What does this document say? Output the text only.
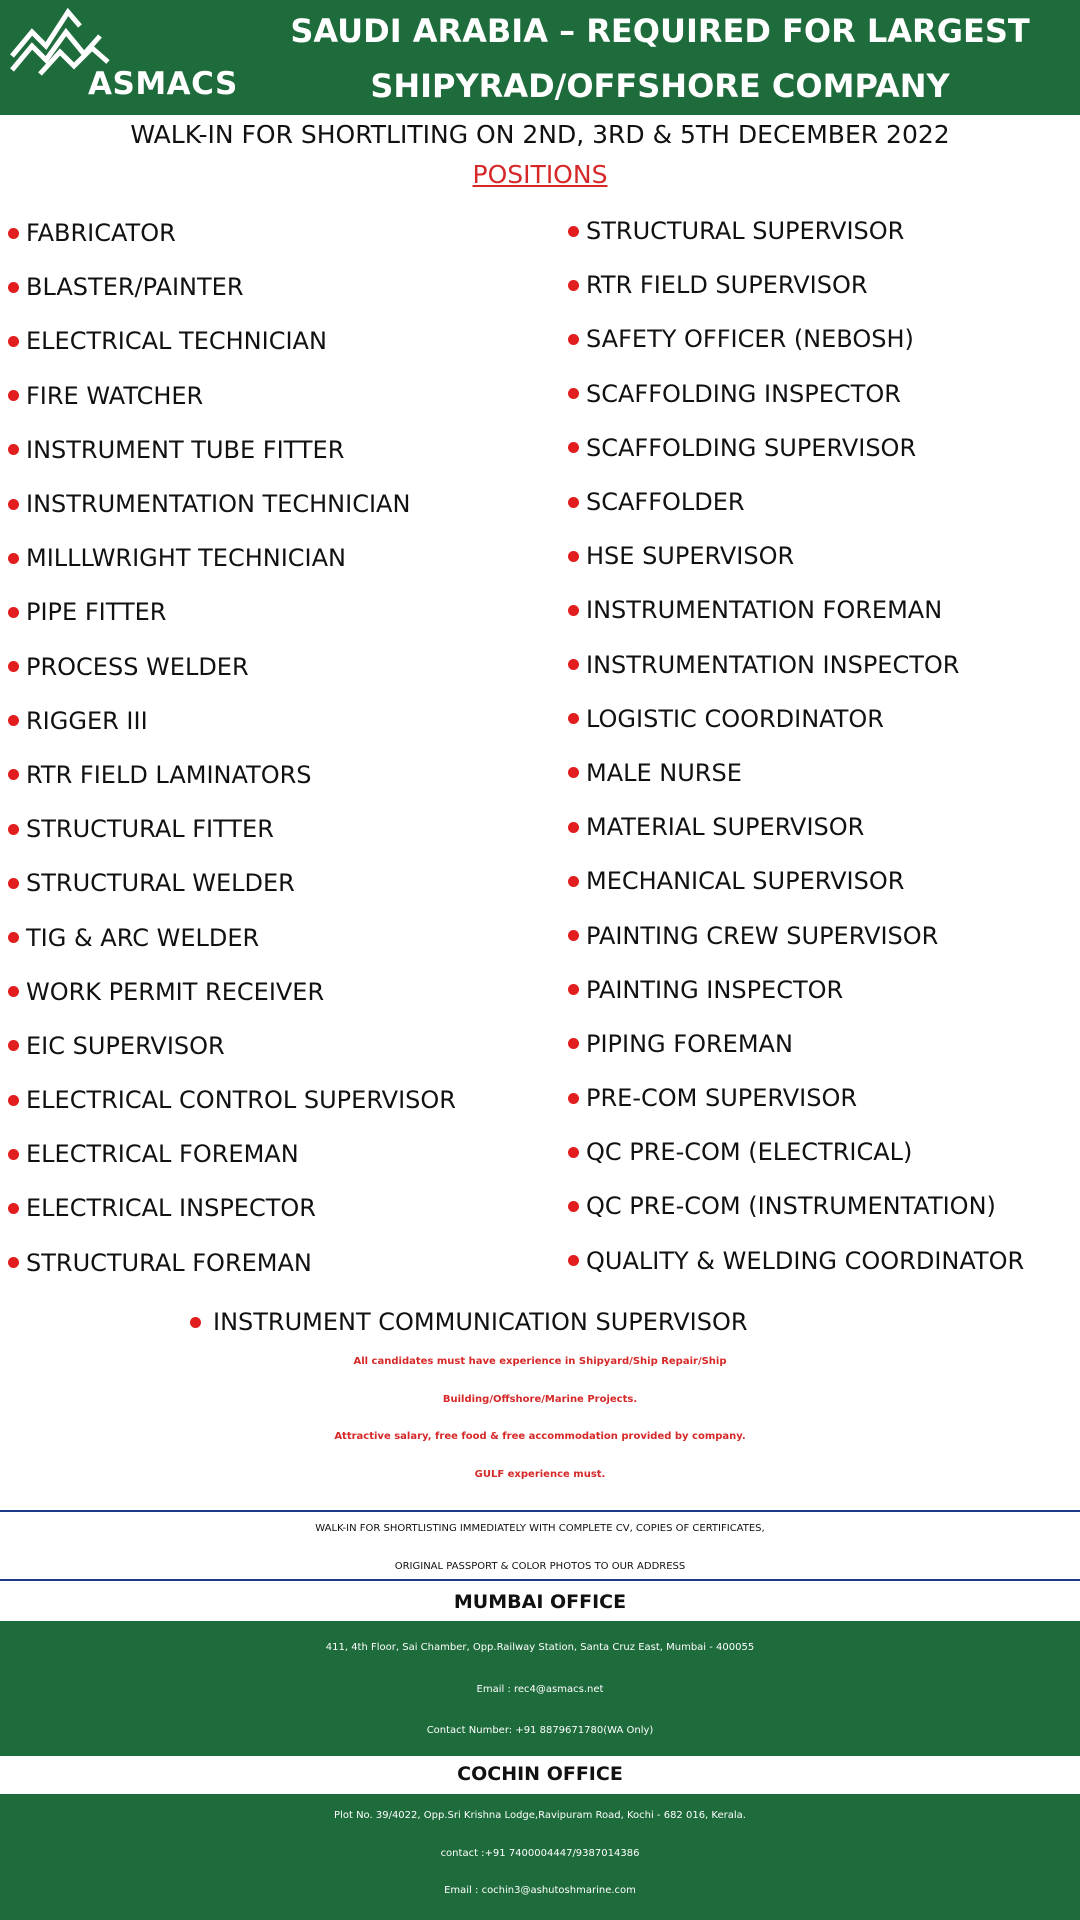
ASMACS
SAUDI ARABIA – REQUIRED FOR LARGEST
SHIPYRAD/OFFSHORE COMPANY
WALK-IN FOR SHORTLITING ON 2ND, 3RD & 5TH DECEMBER 2022
POSITIONS
FABRICATOR
BLASTER/PAINTER
ELECTRICAL TECHNICIAN
FIRE WATCHER
INSTRUMENT TUBE FITTER
INSTRUMENTATION TECHNICIAN
MILLLWRIGHT TECHNICIAN
PIPE FITTER
PROCESS WELDER
RIGGER III
RTR FIELD LAMINATORS
STRUCTURAL FITTER
STRUCTURAL WELDER
TIG & ARC WELDER
WORK PERMIT RECEIVER
EIC SUPERVISOR
ELECTRICAL CONTROL SUPERVISOR
ELECTRICAL FOREMAN
ELECTRICAL INSPECTOR
STRUCTURAL FOREMAN
STRUCTURAL SUPERVISOR
RTR FIELD SUPERVISOR
SAFETY OFFICER (NEBOSH)
SCAFFOLDING INSPECTOR
SCAFFOLDING SUPERVISOR
SCAFFOLDER
HSE SUPERVISOR
INSTRUMENTATION FOREMAN
INSTRUMENTATION INSPECTOR
LOGISTIC COORDINATOR
MALE NURSE
MATERIAL SUPERVISOR
MECHANICAL SUPERVISOR
PAINTING CREW SUPERVISOR
PAINTING INSPECTOR
PIPING FOREMAN
PRE-COM SUPERVISOR
QC PRE-COM (ELECTRICAL)
QC PRE-COM (INSTRUMENTATION)
QUALITY & WELDING COORDINATOR
INSTRUMENT COMMUNICATION SUPERVISOR
All candidates must have experience in Shipyard/Ship Repair/Ship
Building/Offshore/Marine Projects.
Attractive salary, free food & free accommodation provided by company.
GULF experience must.
WALK-IN FOR SHORTLISTING IMMEDIATELY WITH COMPLETE CV, COPIES OF CERTIFICATES,
ORIGINAL PASSPORT & COLOR PHOTOS TO OUR ADDRESS
MUMBAI OFFICE
411, 4th Floor, Sai Chamber, Opp.Railway Station, Santa Cruz East, Mumbai - 400055
Email : rec4@asmacs.net
Contact Number: +91 8879671780(WA Only)
COCHIN OFFICE
Plot No. 39/4022, Opp.Sri Krishna Lodge,Ravipuram Road, Kochi - 682 016, Kerala.
contact :+91 7400004447/9387014386
Email : cochin3@ashutoshmarine.com
